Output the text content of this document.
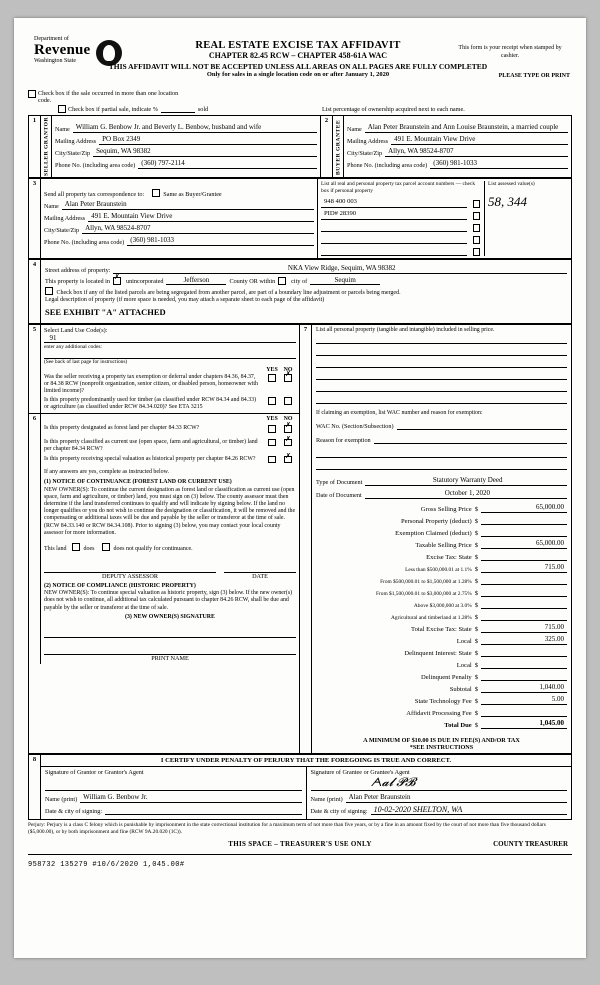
Department of
Revenue
Washington State
REAL ESTATE EXCISE TAX AFFIDAVIT
CHAPTER 82.45 RCW – CHAPTER 458-61A WAC
THIS AFFIDAVIT WILL NOT BE ACCEPTED UNLESS ALL AREAS ON ALL PAGES ARE FULLY COMPLETED
Only for sales in a single location code on or after January 1, 2020
This form is your receipt when stamped by cashier.
PLEASE TYPE OR PRINT
Check box if the sale occurred in more than one location code.
Check box if partial sale, indicate %	sold	List percentage of ownership acquired next to each name.
1	SELLER GRANTOR	Name William G. Benbow Jr. and Beverly L. Benbow, husband and wife
Mailing Address PO Box 2349
City/State/Zip Sequim, WA 98382
Phone No. (including area code) (360) 797-2114
	2	BUYER GRANTEE	Name Alan Peter Braunstein and Ann Louise Braunstein, a married couple
Mailing Address 491 E. Mountain View Drive
City/State/Zip Allyn, WA 98524-8707
Phone No. (including area code) (360) 981-1033
3	
Send all property tax correspondence to:	Same as Buyer/Grantee
Name Alan Peter Braunstein
Mailing Address 491 E. Mountain View Drive
City/State/Zip Allyn, WA 98524-8707
Phone No. (including area code) (360) 981-1033

List all real and personal property tax parcel account numbers — check box if personal property
948 400 003
PID# 28390
List assessed value(s)
58, 344
4	
Street address of property:	NKA View Ridge, Sequim, WA 98382
This property is located in ✗	unincorporated	Jefferson	County OR within	city of	Sequim
Check box if any of the listed parcels are being segregated from another parcel, are part of a boundary line adjustment or parcels being merged.
Legal description of property (if more space is needed, you may attach a separate sheet to each page of the affidavit)
SEE EXHIBIT "A" ATTACHED
5	Select Land Use Code(s):
91
enter any additional codes:
(See back of last page for instructions)
YES NO
Was the seller receiving a property tax exemption or deferral under chapters 84.36, 84.37, or 84.38 RCW (nonprofit organization, senior citizen, or disabled person, homeowner with limited income)?
✗
Is this property predominantly used for timber (as classified under RCW 84.34 and 84.33) or agriculture (as classified under RCW 84.34.020)? See ETA 3215

6	YES NO
Is this property designated as forest land per chapter 84.33 RCW?
✗
Is this property classified as current use (open space, farm and agricultural, or timber) land per chapter 84.34 RCW?
✗
Is this property receiving special valuation as historical property per chapter 84.26 RCW?
✗
If any answers are yes, complete as instructed below.
(1) NOTICE OF CONTINUANCE (FOREST LAND OR CURRENT USE)
NEW OWNER(S): To continue the current designation as forest land or classification as current use (open space, farm and agriculture, or timber) land, you must sign on (3) below. The county assessor must then determine if the land transferred continues to qualify and will indicate by signing below. If the land no longer qualifies or you do not wish to continue the designation or classification, it will be removed and the compensating or additional taxes will be due and payable by the seller or transferor at the time of sale. (RCW 84.33.140 or RCW 84.34.108). Prior to signing (3) below, you may contact your local county assessor for more information.
This land	does	does not qualify for continuance.
DEPUTY ASSESSOR	DATE
(2) NOTICE OF COMPLIANCE (HISTORIC PROPERTY)
NEW OWNER(S): To continue special valuation as historic property, sign (3) below. If the new owner(s) does not wish to continue, all additional tax calculated pursuant to chapter 84.26 RCW, shall be due and payable by the seller or transferor at the time of sale.
(3) NEW OWNER(S) SIGNATURE
PRINT NAME
	7	List all personal property (tangible and intangible) included in selling price.
If claiming an exemption, list WAC number and reason for exemption:
WAC No. (Section/Subsection)
Reason for exemption
Type of Document	Statutory Warranty Deed
Date of Document	October 1, 2020
Gross Selling Price $	65,000.00
Personal Property (deduct) $
Exemption Claimed (deduct) $
Taxable Selling Price $	65,000.00
Excise Tax: State $
Less than $500,000.01 at 1.1% $	715.00
From $500,000.01 to $1,500,000 at 1.28% $
From $1,500,000.01 to $3,000,000 at 2.75% $
Above $3,000,000 at 3.0% $
Agricultural and timberland at 1.28% $
Total Excise Tax: State $	715.00
Local $	325.00
Delinquent Interest: State $
Local $
Delinquent Penalty $
Subtotal $	1,040.00
State Technology Fee $	5.00
Affidavit Processing Fee $
Total Due $	1,045.00
A MINIMUM OF $10.00 IS DUE IN FEE(S) AND/OR TAX
*SEE INSTRUCTIONS
8	I CERTIFY UNDER PENALTY OF PERJURY THAT THE FOREGOING IS TRUE AND CORRECT.
Signature of Grantor or Grantor's Agent
Name (print) William G. Benbow Jr.
Date & city of signing:
Signature of Grantee or Grantee's Agent
ᗅ𝓪𝓵 𝓟𝓑
Name (print) Alan Peter Braunstein
Date & city of signing: 10-02-2020 SHELTON, WA
Perjury: Perjury is a class C felony which is punishable by imprisonment in the state correctional institution for a maximum term of not more than five years, or by a fine in an amount fixed by the court of not more than five thousand dollars ($5,000.00), or by both imprisonment and fine (RCW 9A.20.020 (1C)).
THIS SPACE – TREASURER'S USE ONLY	COUNTY TREASURER
958732 135279 #10/6/2020 1,045.00#
